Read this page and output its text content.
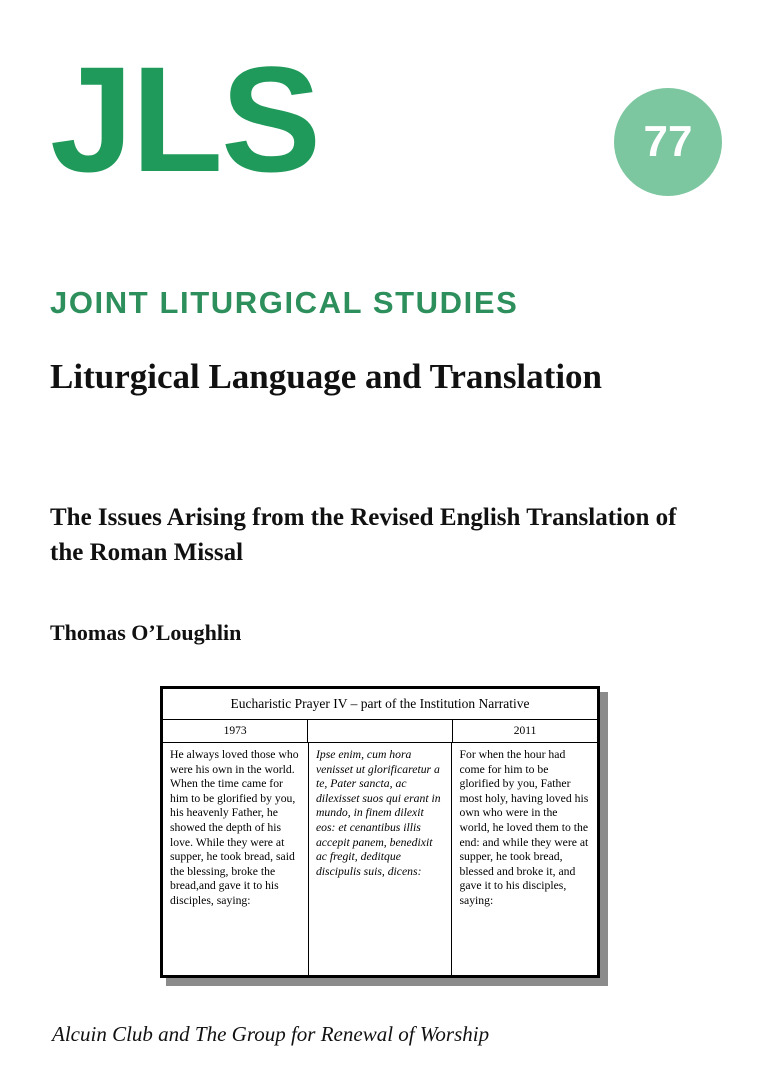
JLS	77
JOINT LITURGICAL STUDIES
Liturgical Language and Translation
The Issues Arising from the Revised English Translation of the Roman Missal
Thomas O’Loughlin
Eucharistic Prayer IV – part of the Institution Narrative
1973	2011
He always loved those who were his own in the world. When the time came for him to be glorified by you, his heavenly Father, he showed the depth of his love. While they were at supper, he took bread, said the blessing, broke the bread,and gave it to his disciples, saying:
Ipse enim, cum hora venisset ut glorificaretur a te, Pater sancta, ac dilexisset suos qui erant in mundo, in finem dilexit eos: et cenantibus illis accepit panem, benedixit ac fregit, deditque discipulis suis, dicens:
For when the hour had come for him to be glorified by you, Father most holy, having loved his own who were in the world, he loved them to the end: and while they were at supper, he took bread, blessed and broke it, and gave it to his disciples, saying:
Alcuin Club and The Group for Renewal of Worship
